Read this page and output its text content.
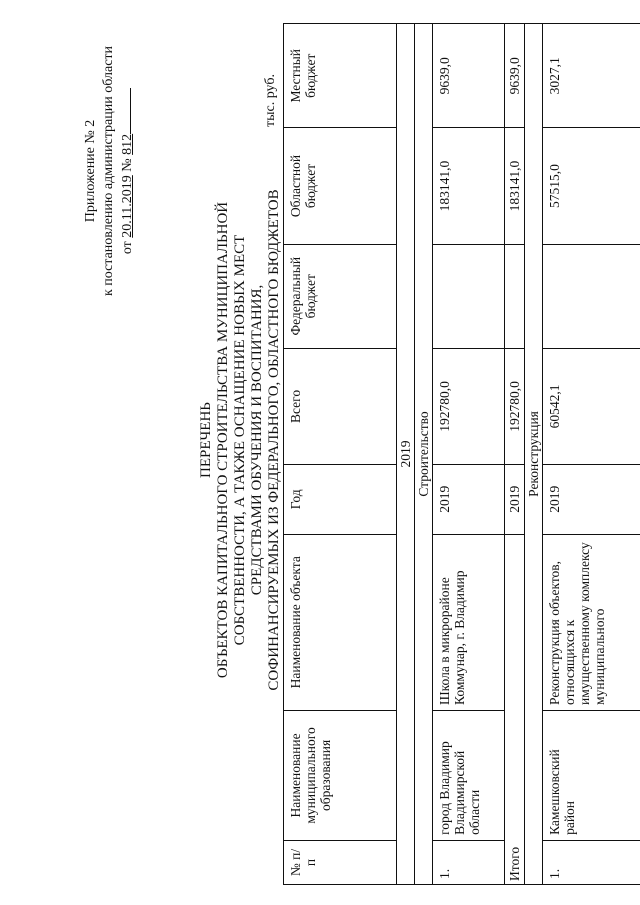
Приложение № 2 к постановлению администрации области от 20.11.2019 № 812
ПЕРЕЧЕНЬ ОБЪЕКТОВ КАПИТАЛЬНОГО СТРОИТЕЛЬСТВА МУНИЦИПАЛЬНОЙ СОБСТВЕННОСТИ, А ТАКЖЕ ОСНАЩЕНИЕ НОВЫХ МЕСТ СРЕДСТВАМИ ОБУЧЕНИЯ И ВОСПИТАНИЯ, СОФИНАНСИРУЕМЫХ ИЗ ФЕДЕРАЛЬНОГО, ОБЛАСТНОГО БЮДЖЕТОВ
тыс. руб.
№ п/п	Наименование муниципального образования	Наименование объекта	Год	Всего	Федеральный бюджет	Областной бюджет	Местный бюджет
2019							
Строительство							
1.	город Владимир Владимирской области	Школа в микрорайоне Коммунар, г. Владимир	2019	192780,0		183141,0	9639,0
Итого			2019	192780,0		183141,0	9639,0
Реконструкция							
1.	Камешковский район	Реконструкция объектов, относящихся к имущественному комплексу муниципального	2019	60542,1		57515,0	3027,1
